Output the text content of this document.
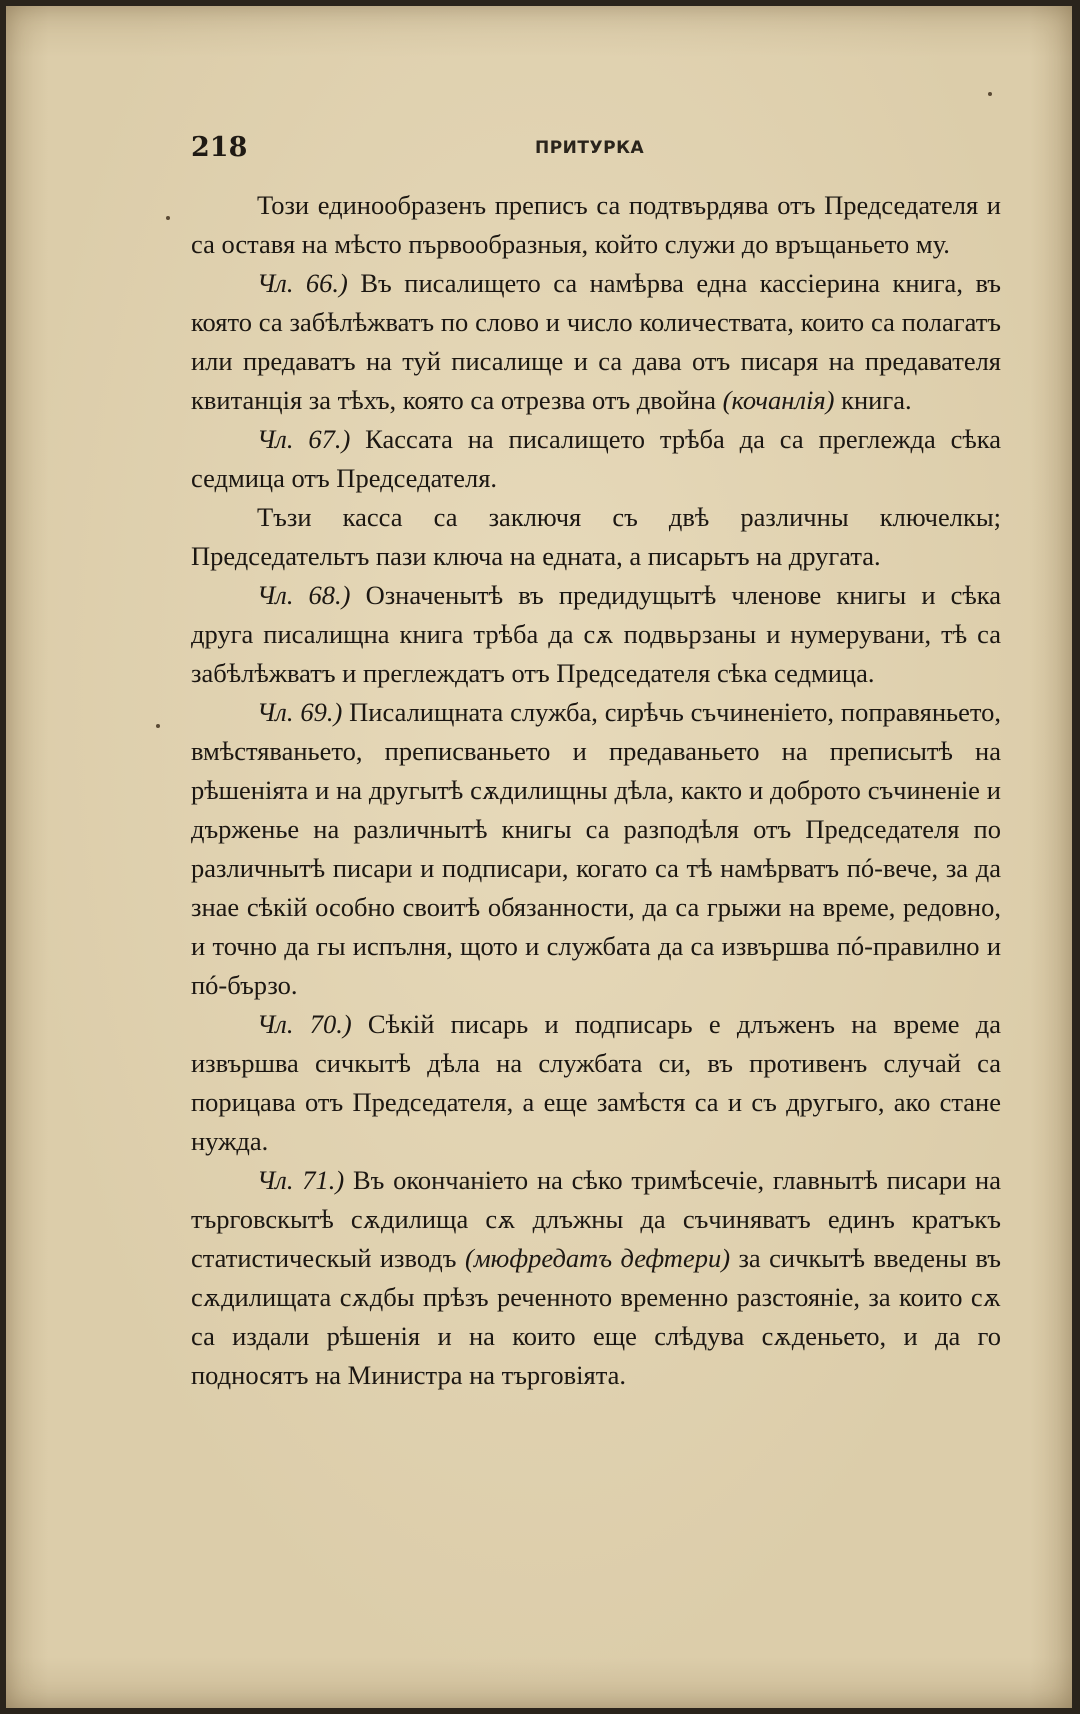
218	ПРИТУРКА

Този единообразенъ преписъ са подтвърдява отъ Председателя и са оставя на мѣсто първообразныя, който служи до връщаньето му.

Чл. 66.) Въ писалището са намѣрва една кассіерина книга, въ която са забѣлѣжватъ по слово и число количествата, които са полагатъ или предаватъ на туй писалище и са дава отъ писаря на предавателя квитанція за тѣхъ, която са отрезва отъ двойна (кочанлія) книга.

Чл. 67.) Кассата на писалището трѣба да са преглежда сѣка седмица отъ Председателя.

Тъзи касса са заключя съ двѣ различны ключелкы; Председательтъ пази ключа на едната, а писарьтъ на другата.

Чл. 68.) Означенытѣ въ предидущытѣ членове книгы и сѣка друга писалищна книга трѣба да сѫ подвьрзаны и нумерувани, тѣ са забѣлѣжватъ и преглеждатъ отъ Председателя сѣка седмица.

Чл. 69.) Писалищната служба, сирѣчь съчиненіето, поправяньето, вмѣстяваньето, преписваньето и предаваньето на преписытѣ на рѣшеніята и на другытѣ сѫдилищны дѣла, както и доброто съчиненіе и държенье на различнытѣ книгы са разподѣля отъ Председателя по различнытѣ писари и подписари, когато са тѣ намѣрватъ пó-вече, за да знае сѣкій особно своитѣ обязанности, да са грыжи на време, редовно, и точно да гы испълня, щото и службата да са извършва пó-правилно и пó-бързо.

Чл. 70.) Сѣкій писарь и подписарь е длъженъ на време да извършва сичкытѣ дѣла на службата си, въ противенъ случай са порицава отъ Председателя, а еще замѣстя са и съ другыго, ако стане нужда.

Чл. 71.) Въ окончаніето на сѣко тримѣсечіе, главнытѣ писари на търговскытѣ сѫдилища сѫ длъжны да съчиняватъ единъ кратъкъ статистическый изводъ (мюфредатъ дефтери) за сичкытѣ введены въ сѫдилищата сѫдбы прѣзъ реченното временно разстояніе, за които сѫ са издали рѣшенія и на които еще слѣдува сѫденьето, и да го подносятъ на Министра на търговіята.
